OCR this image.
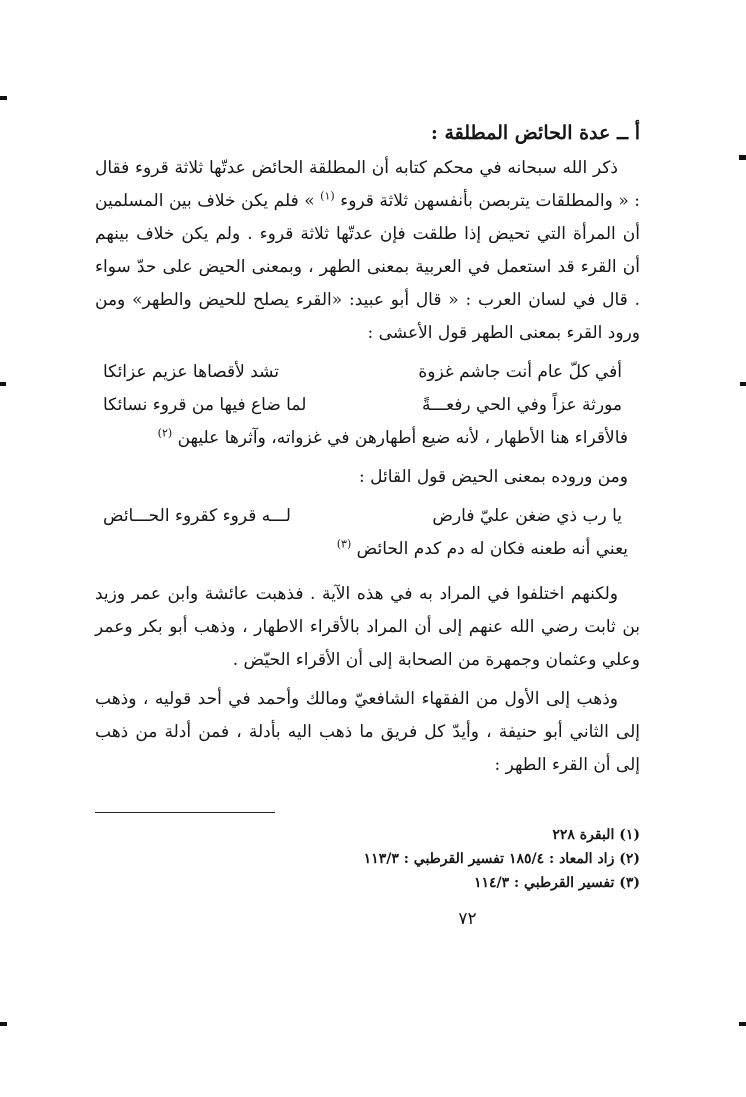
أ ــ عدة الحائض المطلقة :

ذكر الله سبحانه في محكم كتابه أن المطلقة الحائض عدتّها ثلاثة قروء فقال : « والمطلقات يتربصن بأنفسهن ثلاثة قروء $^{(١)}$ » فلم يكن خلاف بين المسلمين أن المرأة التي تحيض إذا طلقت فإن عدتّها ثلاثة قروء . ولم يكن خلاف بينهم أن القرء قد استعمل في العربية بمعنى الطهر ، وبمعنى الحيض على حدّ سواء . قال في لسان العرب : « قال أبو عبيد: «القرء يصلح للحيض والطهر» ومن ورود القرء بمعنى الطهر قول الأعشى :

أفي كلّ عام أنت جاشم غزوة
تشد لأقصاها عزيم عزائكا
مورثة عزاً وفي الحي رفعـــةً
لما ضاع فيها من قروء نسائكا

فالأقراء هنا الأطهار ، لأنه ضيع أطهارهن في غزواته، وآثرها عليهن $^{(٢)}$

ومن وروده بمعنى الحيض قول القائل :

يا رب ذي ضغن عليّ فارض
لـــه قروء كقروء الحـــائض

يعني أنه طعنه فكان له دم كدم الحائض $^{(٣)}$

ولكنهم اختلفوا في المراد به في هذه الآية . فذهبت عائشة وابن عمر وزيد بن ثابت رضي الله عنهم إلى أن المراد بالأقراء الاطهار ، وذهب أبو بكر وعمر وعلي وعثمان وجمهرة من الصحابة إلى أن الأقراء الحيّض .

وذهب إلى الأول من الفقهاء الشافعيّ ومالك وأحمد في أحد قوليه ، وذهب إلى الثاني أبو حنيفة ، وأيدّ كل فريق ما ذهب اليه بأدلة ، فمن أدلة من ذهب إلى أن القرء الطهر :

(١) البقرة ٢٢٨

(٢) زاد المعاد : ١٨٥/٤ تفسير القرطبي : ١١٣/٣

(٣) تفسير القرطبي : ١١٤/٣

٧٢
